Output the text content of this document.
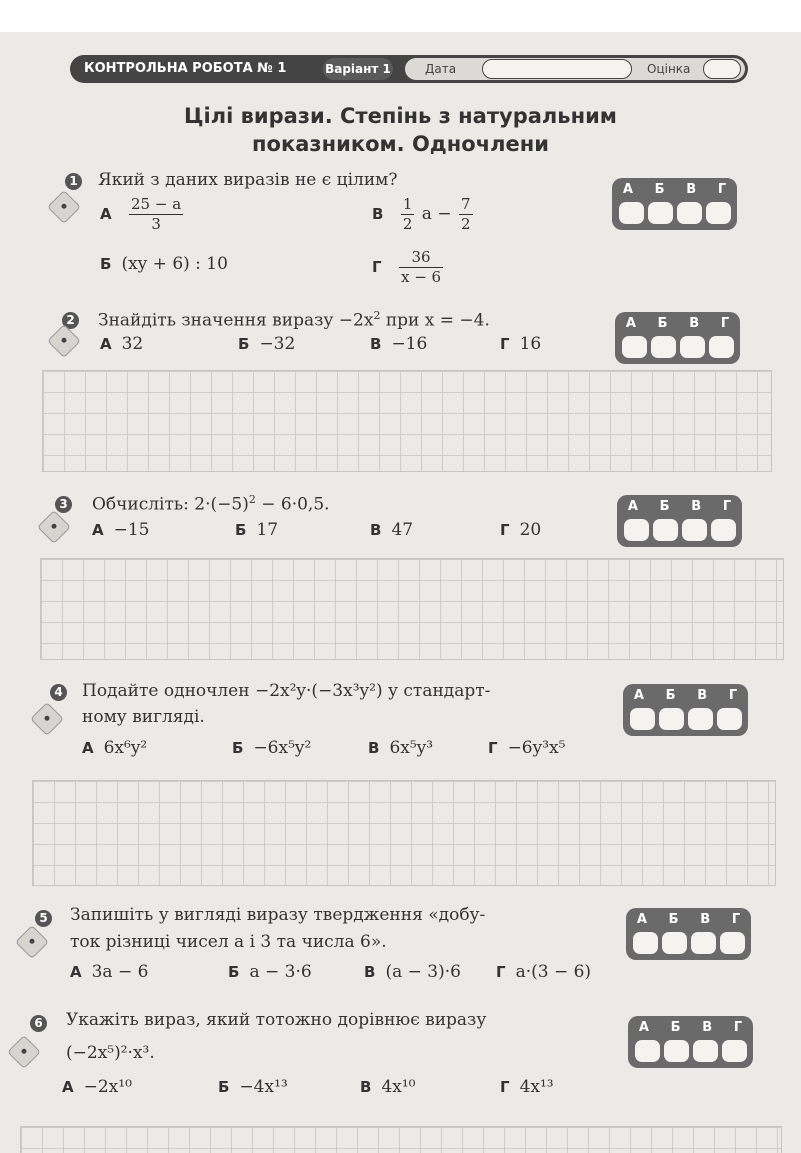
КОНТРОЛЬНА РОБОТА № 1	Варіант 1	Дата	Оцінка
Цілі вирази. Степінь з натуральним
показником. Одночлени
1 Який з даних виразів не є цілим?
А $\frac{25 - a}{3}$
Б (xy + 6) : 10
В $\frac{1}{2}$ $a - \frac{7}{2}$
Г $\frac{36}{x - 6}$
А Б В Г
2 Знайдіть значення виразу $-2x^2$ при x = −4.
А 32	Б −32	В −16	Г 16
А Б В Г
3 Обчисліть: $2\cdot(-5)^2 - 6\cdot 0,5$.
А −15	Б 17	В 47	Г 20
А Б В Г
4 Подайте одночлен −2x²y·(−3x³y²) у стандарт-
ному вигляді.
А 6x⁶y²	Б −6x⁵y²	В 6x⁵y³	Г −6y³x⁵
А Б В Г
5 Запишіть у вигляді виразу твердження «добу-
ток різниці чисел a і 3 та числа 6».
А 3a − 6	Б a − 3·6	В (a − 3)·6 Г a·(3 − 6)
А Б В Г
6 Укажіть вираз, який тотожно дорівнює виразу
(−2x⁵)²·x³.
А −2x¹⁰	Б −4x¹³	В 4x¹⁰	Г 4x¹³
А Б В Г
